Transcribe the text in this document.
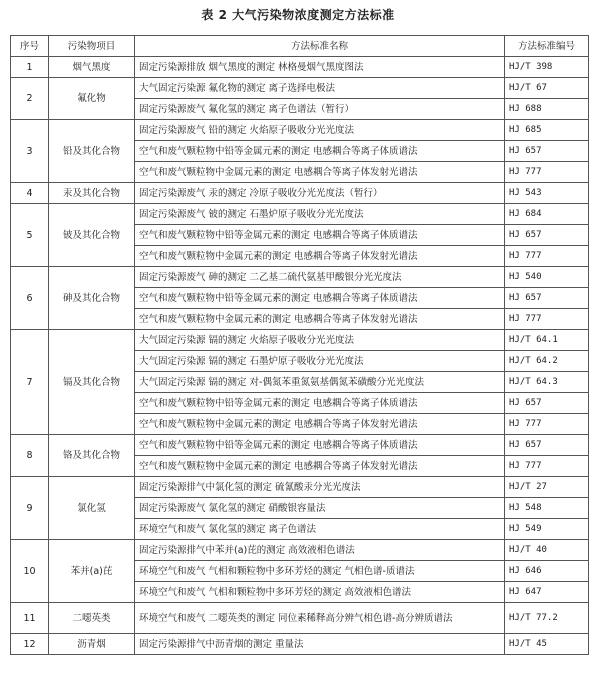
表 2 大气污染物浓度测定方法标准
序号	污染物项目	方法标准名称	方法标准编号
1	烟气黑度	固定污染源排放 烟气黑度的测定 林格曼烟气黑度图法	HJ/T 398
2	氟化物	大气固定污染源 氟化物的测定 离子选择电极法	HJ/T 67
		固定污染源废气 氟化氢的测定 离子色谱法（暂行）	HJ 688
3	铅及其化合物	固定污染源废气 铅的测定 火焰原子吸收分光光度法	HJ 685
		空气和废气颗粒物中铅等金属元素的测定 电感耦合等离子体质谱法	HJ 657
		空气和废气颗粒物中金属元素的测定 电感耦合等离子体发射光谱法	HJ 777
4	汞及其化合物	固定污染源废气 汞的测定 冷原子吸收分光光度法（暂行）	HJ 543
5	铍及其化合物	固定污染源废气 铍的测定 石墨炉原子吸收分光光度法	HJ 684
		空气和废气颗粒物中铅等金属元素的测定 电感耦合等离子体质谱法	HJ 657
		空气和废气颗粒物中金属元素的测定 电感耦合等离子体发射光谱法	HJ 777
6	砷及其化合物	固定污染源废气 砷的测定 二乙基二硫代氨基甲酸银分光光度法	HJ 540
		空气和废气颗粒物中铅等金属元素的测定 电感耦合等离子体质谱法	HJ 657
		空气和废气颗粒物中金属元素的测定 电感耦合等离子体发射光谱法	HJ 777
7	镉及其化合物	大气固定污染源 镉的测定 火焰原子吸收分光光度法	HJ/T 64.1
		大气固定污染源 镉的测定 石墨炉原子吸收分光光度法	HJ/T 64.2
		大气固定污染源 镉的测定 对-偶氮苯重氮氨基偶氮苯磺酸分光光度法	HJ/T 64.3
		空气和废气颗粒物中铅等金属元素的测定 电感耦合等离子体质谱法	HJ 657
		空气和废气颗粒物中金属元素的测定 电感耦合等离子体发射光谱法	HJ 777
8	铬及其化合物	空气和废气颗粒物中铅等金属元素的测定 电感耦合等离子体质谱法	HJ 657
		空气和废气颗粒物中金属元素的测定 电感耦合等离子体发射光谱法	HJ 777
9	氯化氢	固定污染源排气中氯化氢的测定 硫氰酸汞分光光度法	HJ/T 27
		固定污染源废气 氯化氢的测定 硝酸银容量法	HJ 548
		环境空气和废气 氯化氢的测定 离子色谱法	HJ 549
10	苯并(a)芘	固定污染源排气中苯并(a)芘的测定 高效液相色谱法	HJ/T 40
		环境空气和废气 气相和颗粒物中多环芳烃的测定 气相色谱-质谱法	HJ 646
		环境空气和废气 气相和颗粒物中多环芳烃的测定 高效液相色谱法	HJ 647
11	二噁英类	环境空气和废气 二噁英类的测定 同位素稀释高分辨气相色谱-高分辨质谱法	HJ/T 77.2
12	沥青烟	固定污染源排气中沥青烟的测定 重量法	HJ/T 45
